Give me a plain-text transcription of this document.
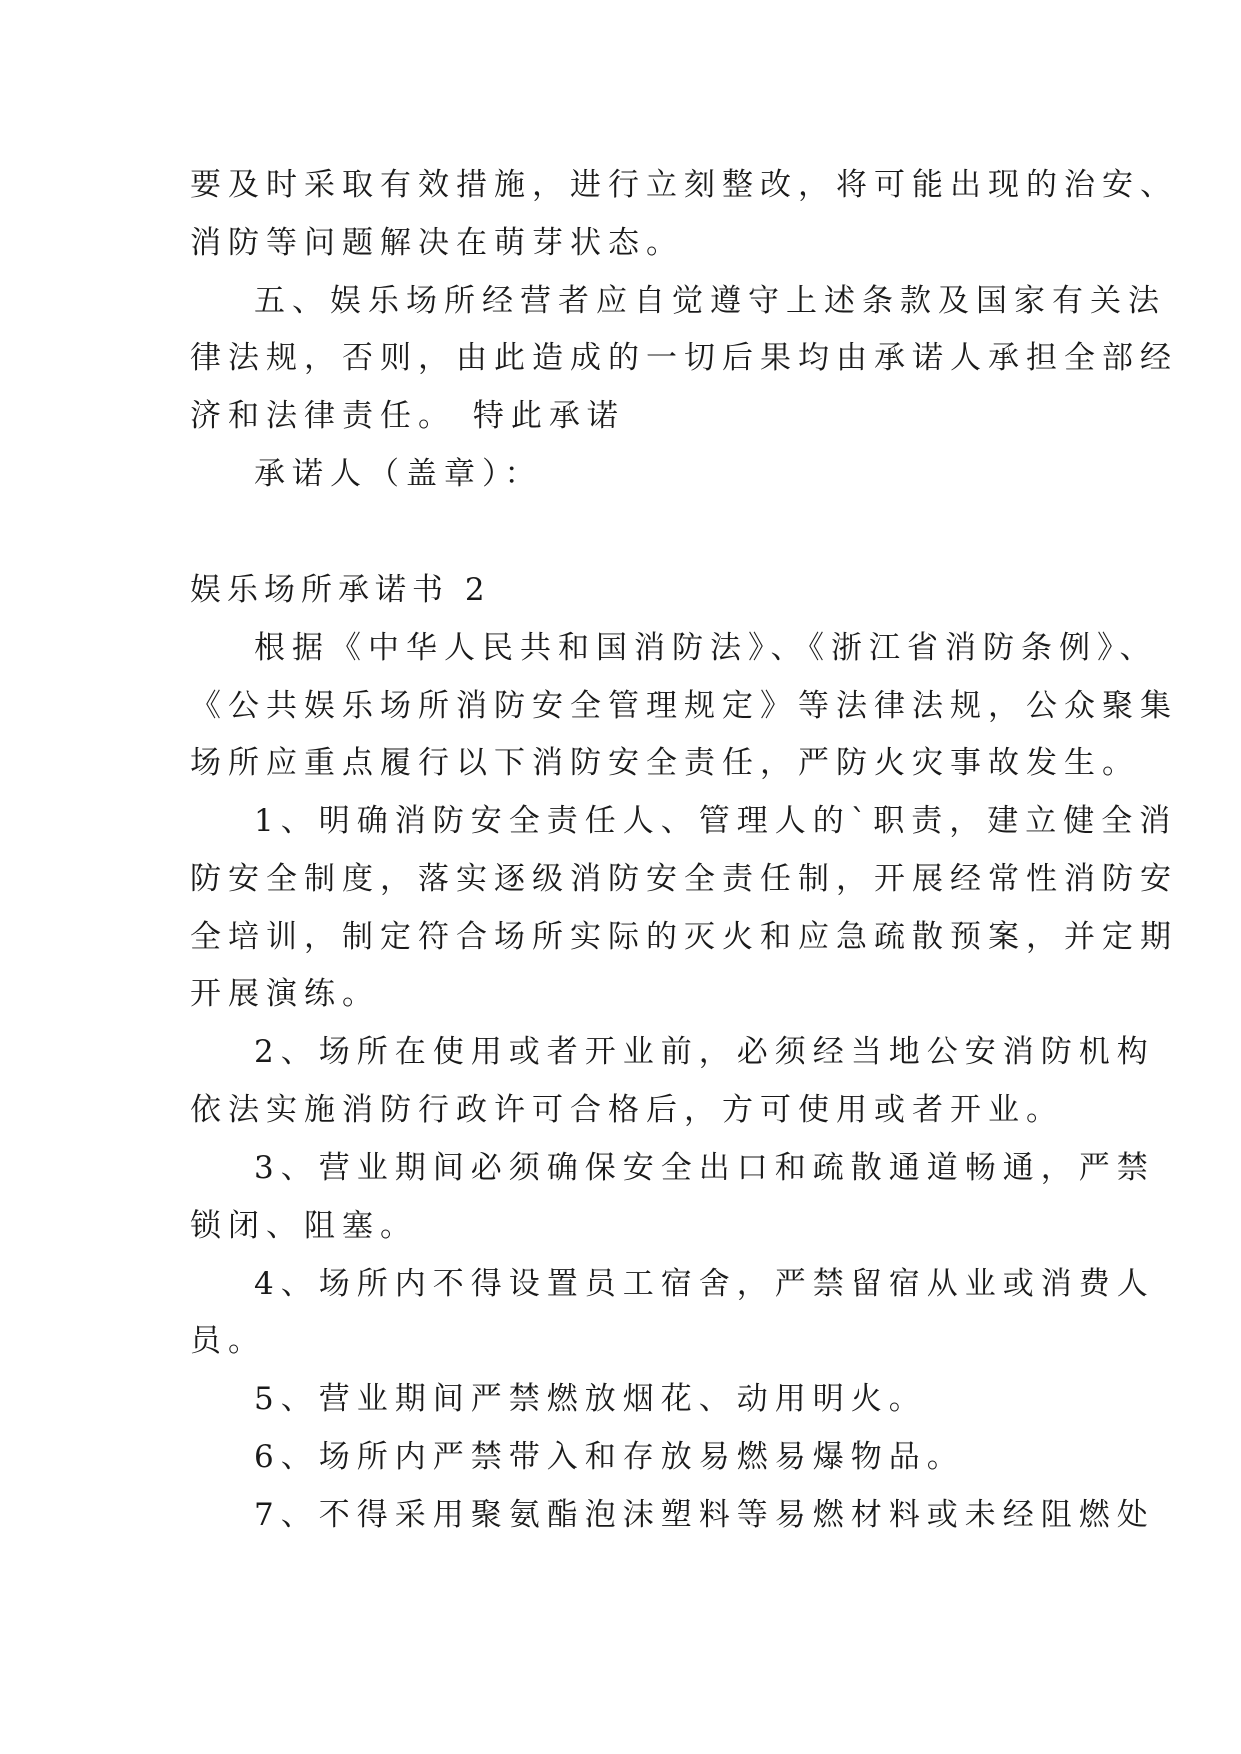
要及时采取有效措施，进行立刻整改，将可能出现的治安、
消防等问题解决在萌芽状态。
五、娱乐场所经营者应自觉遵守上述条款及国家有关法
律法规，否则，由此造成的一切后果均由承诺人承担全部经
济和法律责任。 特此承诺
承诺人（盖章）：
娱乐场所承诺书 2
根据《中华人民共和国消防法》、《浙江省消防条例》、
《公共娱乐场所消防安全管理规定》等法律法规，公众聚集
场所应重点履行以下消防安全责任，严防火灾事故发生。
1、明确消防安全责任人、管理人的`职责，建立健全消
防安全制度，落实逐级消防安全责任制，开展经常性消防安
全培训，制定符合场所实际的灭火和应急疏散预案，并定期
开展演练。
2、场所在使用或者开业前，必须经当地公安消防机构
依法实施消防行政许可合格后，方可使用或者开业。
3、营业期间必须确保安全出口和疏散通道畅通，严禁
锁闭、阻塞。
4、场所内不得设置员工宿舍，严禁留宿从业或消费人
员。
5、营业期间严禁燃放烟花、动用明火。
6、场所内严禁带入和存放易燃易爆物品。
7、不得采用聚氨酯泡沫塑料等易燃材料或未经阻燃处
